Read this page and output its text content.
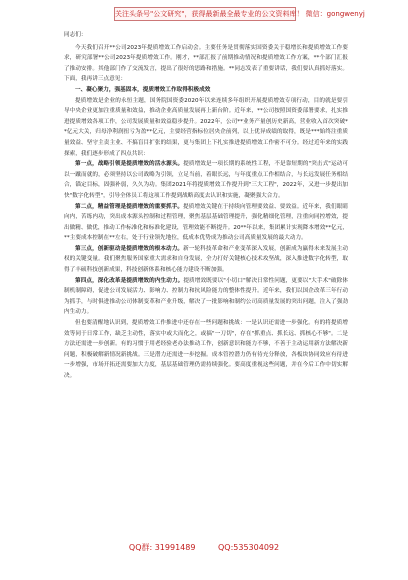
关注头条号"公文研究"，获得最新最全最专业的公文资料库！ 微信：gongwenyj
同志们：

今天我们召开**公司2023年提质增效工作启动会。主要任务是贯彻落实国资委关于稳增长和提质增效工作要求，研究部署**公司2023年提质增效工作。刚才，**部汇报了前期推动情况和提质增效工作方案，**个部门汇报了推动安排。其他部门作了交流发言，提出了很好的思路和措施。**同志发表了重要讲话，我们要认真抓好落实。下面，我再讲三点意见：

一、凝心聚力，强基固本，提质增效工作取得积极成效

提质增效是企业的永恒主题，国务院国资委2020年以来连续多年组织开展提质增效专项行动，目的就是要引导中央企业更加注重质量和效益，推动企业高质量发展再上新台阶。近年来，**公司按照国资委部署要求，扎实推进提质增效各项工作，公司发展质量和效益稳步提升。2022年，公司**业务产量创历史新高，营业收入首次突破**亿元大关，归母净利润扭亏为盈**亿元，主要经营指标位居央企前列，以上优异成绩的取得，既是***始终注重质量效益、坚守主责主业、不搞盲目扩张的结果，更与集团上下扎实推进提质增效工作密不可分。经过近年来的实践探索，我们逐步形成了四点共识：

第一点，战略引领是提质增效的活水源头。提质增效是一项长期的系统性工程，不是靠短期的"突击式"运动可以一蹴而就的，必须坚持以公司战略为引领，立足当前，着眼长远，与年度重点工作相结合，与长远发展任务相结合，锚定目标，固强补弱，久久为功。集团2021年将提质增效工作提升到"三大工程"，2022年，又进一步提出加快"数字化转型"，引导全体员工将这项工作提到战略高度去认识和实施，凝聚强大合力。

第二点，精益管理是提质增效的重要抓手。提质增效关键在于持续向管理要效益、要效益。近年来，我们眼睛向内，苦练内功，突出成本源头控制和过程管理，聚焦基层基础管理提升，强化精细化管理，注重向同控增效，提出做精、做优，推动工作标准化和标准化建设，管理效能不断提升。20**年以来，集团累计实现降本增效**亿元，**主要成本控制在**左右，处于行业领先地位，低成本优势成为推动公司高质量发展的最大动力。

第三点，创新驱动是提质增效的根本动力。新一轮科技革命和产业变革深入发展，创新成为赢得未来发展主动权的关键变量。我们聚焦服务国家重大需求和自身发展，全力打好关键核心技术攻坚战，深入推进数字化转型，取得了丰硕科技创新成果，科技创新体系和核心能力建设不断加强。

第四点，深化改革是提质增效的内生动力。提质增效既要以"小切口"解决日常性问题，更要以"大手术"破除体制机制障碍，促进公司发展活力、影响力、控制力和抗风险能力的整体性提升。近年来，我们以国企改革三年行动为抓手，与时俱进推动公司体制变革和产业升级，解决了一批影响和制约公司高质量发展的突出问题，注入了强劲内生动力。

但也要清醒地认识到，提质增效工作推进中还存在一些问题和挑战：一是认识还需进一步强化。有的将提质增效等同于日常工作，缺乏主动性，落实中或大而化之，或搞"一刀切"，存在"抓重点、抓长远、抓核心不够"。二是方法还需进一步创新。有的习惯于用老经验老办法推动工作，创新意识和能力不够，不善于主动运用新方法解决新问题，积极破解新情况新挑战。三是潜力还需进一步挖掘。成本管控潜力仍有待充分释放，各板块协同效应有待进一步增强，市场开拓还需要加大力度，基层基础管理仍需持续强化。要高度重视这些问题，并在今后工作中切实解决。

QQ群: 31991489	QQ:535304092
